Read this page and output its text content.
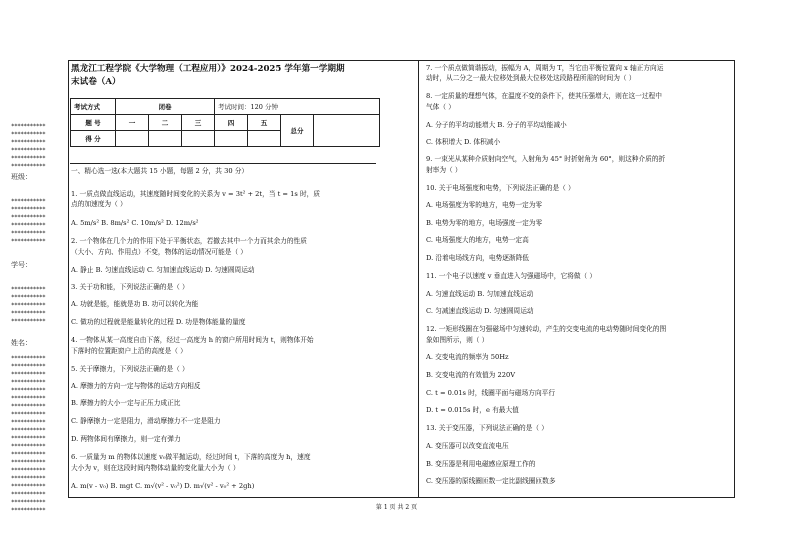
***********
***********
***********
***********
***********
***********
班级：
***********
***********
***********
***********
***********
***********
学号：
***********
***********
***********
***********
***********
姓名：
***********
***********
***********
***********
***********
***********
***********
***********
***********
***********
***********
***********
***********
***********
***********
***********
***********
***********
***********
***********
黑龙江工程学院《大学物理（工程应用）》2024-2025 学年第一学期期
末试卷（A）
考试方式	闭卷			考试时间：120 分钟			
题 号	一	二	三	四	五	总分	
得 分							
一、精心选一选(本大题共 15 小题，每题 2 分，共 30 分）
1. 一质点做直线运动，其速度随时间变化的关系为 v = 3t² + 2t，当 t = 1s 时，质
点的加速度为（ ）
A. 5m/s² B. 8m/s² C. 10m/s² D. 12m/s²
2. 一个物体在几个力的作用下处于平衡状态，若撤去其中一个力而其余力的性质
（大小、方向、作用点）不变，物体的运动情况可能是（ ）
A. 静止 B. 匀速直线运动 C. 匀加速直线运动 D. 匀速圆周运动
3. 关于功和能，下列说法正确的是（ ）
A. 功就是能，能就是功 B. 功可以转化为能
C. 做功的过程就是能量转化的过程 D. 功是物体能量的量度
4. 一物体从某一高度自由下落，经过一高度为 h 的窗户所用时间为 t，则物体开始
下落时的位置距窗户上沿的高度是（ ）
5. 关于摩擦力，下列说法正确的是（ ）
A. 摩擦力的方向一定与物体的运动方向相反
B. 摩擦力的大小一定与正压力成正比
C. 静摩擦力一定是阻力，滑动摩擦力不一定是阻力
D. 两物体间有摩擦力，则一定有弹力
6. 一质量为 m 的物体以速度 v₀做平抛运动，经过时间 t，下落的高度为 h，速度
大小为 v，则在这段时间内物体动量的变化量大小为（ ）
A. m(v - v₀) B. mgt C. m√(v² - v₀²) D. m√(v² - v₀² + 2gh)
7. 一个质点做简谐振动，振幅为 A，周期为 T，当它由平衡位置向 x 轴正方向运
动时，从二分之一最大位移处到最大位移处这段路程所需的时间为（ ）
8. 一定质量的理想气体，在温度不变的条件下，使其压强增大，则在这一过程中
气体（ ）
A. 分子的平均动能增大 B. 分子的平均动能减小
C. 体积增大 D. 体积减小
9. 一束光从某种介质射向空气，入射角为 45° 时折射角为 60°，则这种介质的折
射率为（ ）
10. 关于电场强度和电势，下列说法正确的是（ ）
A. 电场强度为零的地方，电势一定为零
B. 电势为零的地方，电场强度一定为零
C. 电场强度大的地方，电势一定高
D. 沿着电场线方向，电势逐渐降低
11. 一个电子以速度 v 垂直进入匀强磁场中，它将做（ ）
A. 匀速直线运动 B. 匀加速直线运动
C. 匀减速直线运动 D. 匀速圆周运动
12. 一矩形线圈在匀强磁场中匀速转动，产生的交变电流的电动势随时间变化的图
象如图所示，则（ ）
A. 交变电流的频率为 50Hz
B. 交变电流的有效值为 220V
C. t = 0.01s 时，线圈平面与磁场方向平行
D. t = 0.015s 时，e 有最大值
13. 关于变压器，下列说法正确的是（ ）
A. 变压器可以改变直流电压
B. 变压器是利用电磁感应原理工作的
C. 变压器的原线圈匝数一定比副线圈匝数多
第 1 页 共 2 页
